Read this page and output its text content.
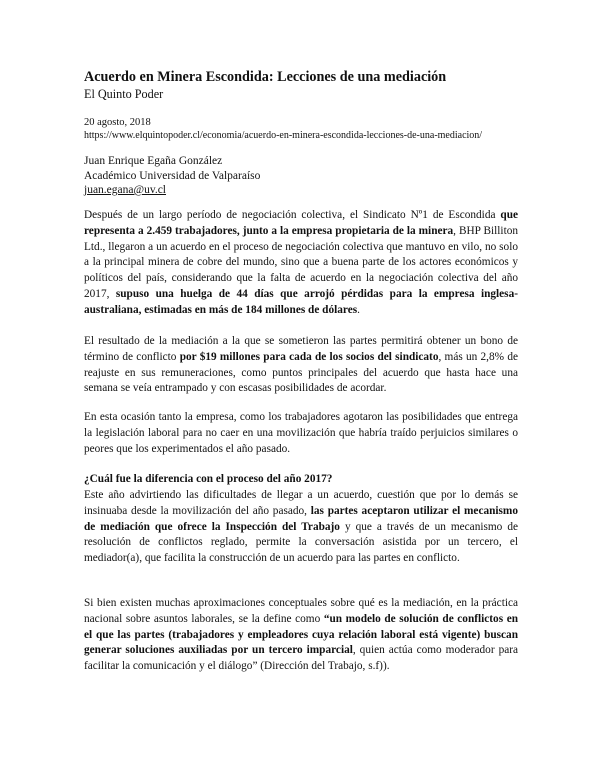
Acuerdo en Minera Escondida: Lecciones de una mediación
El Quinto Poder
20 agosto, 2018
https://www.elquintopoder.cl/economia/acuerdo-en-minera-escondida-lecciones-de-una-mediacion/
Juan Enrique Egaña González
Académico Universidad de Valparaíso
juan.egana@uv.cl

Después de un largo período de negociación colectiva, el Sindicato Nº1 de Escondida que representa a 2.459 trabajadores, junto a la empresa propietaria de la minera, BHP Billiton Ltd., llegaron a un acuerdo en el proceso de negociación colectiva que mantuvo en vilo, no solo a la principal minera de cobre del mundo, sino que a buena parte de los actores económicos y políticos del país, considerando que la falta de acuerdo en la negociación colectiva del año 2017, supuso una huelga de 44 días que arrojó pérdidas para la empresa inglesa-australiana, estimadas en más de 184 millones de dólares.

El resultado de la mediación a la que se sometieron las partes permitirá obtener un bono de término de conflicto por $19 millones para cada de los socios del sindicato, más un 2,8% de reajuste en sus remuneraciones, como puntos principales del acuerdo que hasta hace una semana se veía entrampado y con escasas posibilidades de acordar.

En esta ocasión tanto la empresa, como los trabajadores agotaron las posibilidades que entrega la legislación laboral para no caer en una movilización que habría traído perjuicios similares o peores que los experimentados el año pasado.

¿Cuál fue la diferencia con el proceso del año 2017?

Este año advirtiendo las dificultades de llegar a un acuerdo, cuestión que por lo demás se insinuaba desde la movilización del año pasado, las partes aceptaron utilizar el mecanismo de mediación que ofrece la Inspección del Trabajo y que a través de un mecanismo de resolución de conflictos reglado, permite la conversación asistida por un tercero, el mediador(a), que facilita la construcción de un acuerdo para las partes en conflicto.

Si bien existen muchas aproximaciones conceptuales sobre qué es la mediación, en la práctica nacional sobre asuntos laborales, se la define como “un modelo de solución de conflictos en el que las partes (trabajadores y empleadores cuya relación laboral está vigente) buscan generar soluciones auxiliadas por un tercero imparcial, quien actúa como moderador para facilitar la comunicación y el diálogo” (Dirección del Trabajo, s.f)).
